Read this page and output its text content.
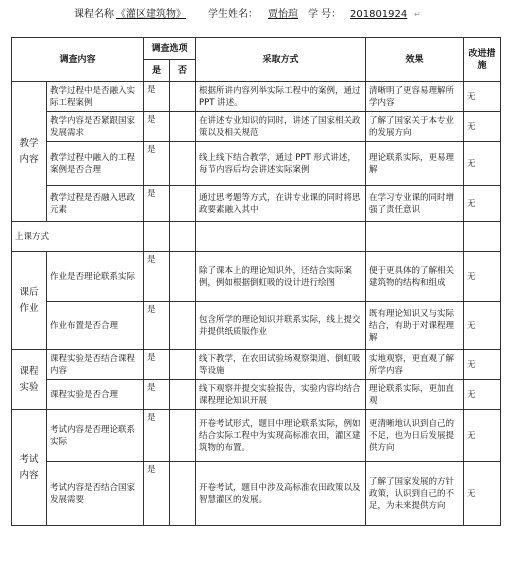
课程名称 《灌区建筑物》 学生姓名： 贾怡瑄 学 号： 201801924 ↵
调查内容		调查选项		采取方式	效果	改进措施
		是	否			
教学内容	教学过程中是否融入实际工程案例	是		根据所讲内容列举实际工程中的案例，通过 PPT 讲述。	清晰明了更容易理解所学内容	无
	教学内容是否紧跟国家发展需求	是		在讲述专业知识的同时，讲述了国家相关政策以及相关规范	了解了国家关于本专业的发展方向	无
	教学过程中融入的工程案例是否合理	是		线上线下结合教学，通过 PPT 形式讲述，每节内容后均会讲述实际案例	理论联系实际，更易理解	无
	教学过程是否融入思政元素	是		通过思考题等方式，在讲专业课的同时将思政要素融入其中	在学习专业课的同时增强了责任意识	无
上课方式						
课后作业	作业是否理论联系实际	是		除了课本上的理论知识外，还结合实际案例，例如根据倒虹吸的设计进行绘图	便于更具体的了解相关建筑物的结构和组成	无
	作业布置是否合理	是		包含所学的理论知识并联系实际，线上提交并提供纸质版作业	既有理论知识又与实际结合，有助于对课程理解	无
课程实验	课程实验是否结合课程内容	是		线下教学，在农田试验场观察渠道、倒虹吸等设施	实地观察，更直观了解所学内容	无
	课程实验是否合理	是		线下观察并提交实验报告，实验内容均结合课程理论知识开展	理论联系实际，更加直观	无
考试内容	考试内容是否理论联系实际	是		开卷考试形式，题目中理论联系实际，例如结合实际工程中为实现高标准农田，灌区建筑物的布置。	更清晰地认识到自己的不足，也为日后发展提供方向	无
	考试内容是否结合国家发展需要	是		开卷考试，题目中涉及高标准农田政策以及智慧灌区的发展。	了解了国家发展的方针政策，认识到自己的不足，为未来提供方向	无
